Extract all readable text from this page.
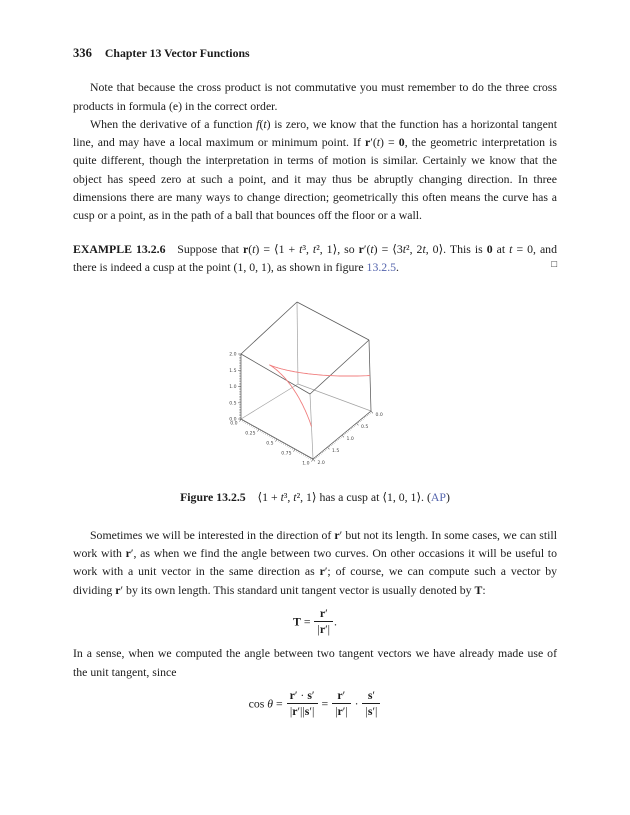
336 Chapter 13 Vector Functions

Note that because the cross product is not commutative you must remember to do the three cross products in formula (e) in the correct order.

When the derivative of a function f(t) is zero, we know that the function has a horizontal tangent line, and may have a local maximum or minimum point. If r′(t) = 0, the geometric interpretation is quite different, though the interpretation in terms of motion is similar. Certainly we know that the object has speed zero at such a point, and it may thus be abruptly changing direction. In three dimensions there are many ways to change direction; geometrically this often means the curve has a cusp or a point, as in the path of a ball that bounces off the floor or a wall.

EXAMPLE 13.2.6  Suppose that r(t) = ⟨1 + t³, t², 1⟩, so r′(t) = ⟨3t², 2t, 0⟩. This is 0 at t = 0, and there is indeed a cusp at the point (1, 0, 1), as shown in figure 13.2.5.	□
0.0
0.5
1.0
1.5
2.0
0.0
0.25
0.5
0.75
1.0
0.0
0.5
1.0
1.5
2.0
Figure 13.2.5  ⟨1 + t³, t², 1⟩ has a cusp at ⟨1, 0, 1⟩. (AP)

Sometimes we will be interested in the direction of r′ but not its length. In some cases, we can still work with r′, as when we find the angle between two curves. On other occasions it will be useful to work with a unit vector in the same direction as r′; of course, we can compute such a vector by dividing r′ by its own length. This standard unit tangent vector is usually denoted by T:

$T = \frac{r'}{|r'|}$ .

In a sense, when we computed the angle between two tangent vectors we have already made use of the unit tangent, since

$\cos \theta = \frac{r' \cdot s'}{|r'||s'|} = \frac{r'}{|r'|} \cdot \frac{s'}{|s'|}$
